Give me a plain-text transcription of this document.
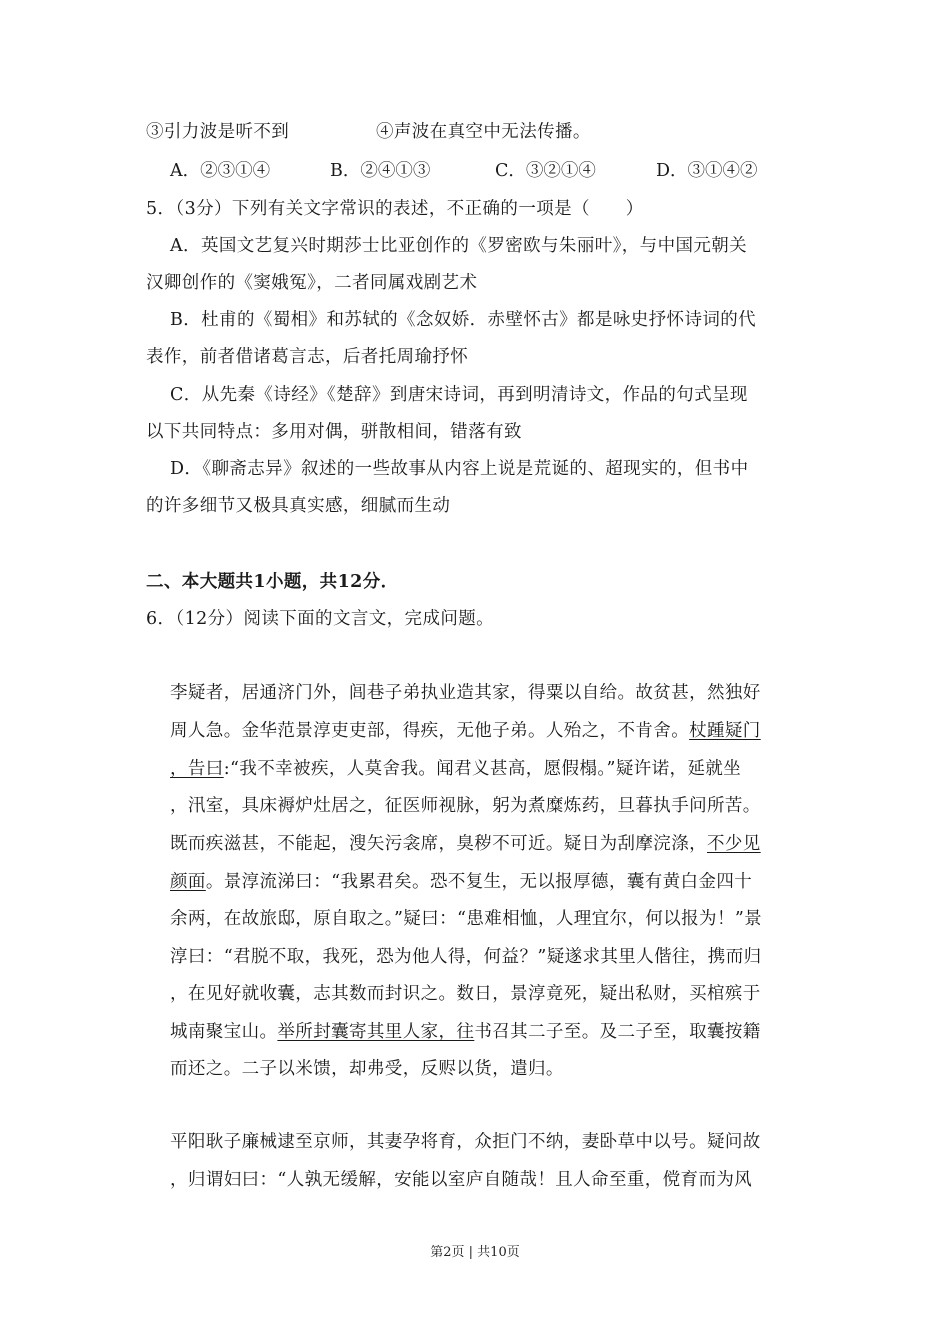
③引力波是听不到	④声波在真空中无法传播。
A．②③①④	B．②④①③	C．③②①④	D．③①④②
5．（3分）下列有关文字常识的表述，不正确的一项是（　　）
A．英国文艺复兴时期莎士比亚创作的《罗密欧与朱丽叶》，与中国元朝关
汉卿创作的《窦娥冤》，二者同属戏剧艺术
B．杜甫的《蜀相》和苏轼的《念奴娇．赤壁怀古》都是咏史抒怀诗词的代
表作，前者借诸葛言志，后者托周瑜抒怀
C．从先秦《诗经》《楚辞》到唐宋诗词，再到明清诗文，作品的句式呈现
以下共同特点：多用对偶，骈散相间，错落有致
D．《聊斋志异》叙述的一些故事从内容上说是荒诞的、超现实的，但书中
的许多细节又极具真实感，细腻而生动
二、本大题共1小题，共12分．
6．（12分）阅读下面的文言文，完成问题。
李疑者，居通济门外，闾巷子弟执业造其家，得粟以自给。故贫甚，然独好
周人急。金华范景淳吏吏部，得疾，无他子弟。人殆之，不肯舍。杖踵疑门
，告曰:“我不幸被疾，人莫舍我。闻君义甚高，愿假榻。”疑许诺，延就坐
，汛室，具床褥炉灶居之，征医师视脉，躬为煮糜炼药，旦暮执手问所苦。
既而疾滋甚，不能起，溲矢污衾席，臭秽不可近。疑日为刮摩浣涤，不少见
颜面。景淳流涕曰：“我累君矣。恐不复生，无以报厚德，囊有黄白金四十
余两，在故旅邸，原自取之。”疑曰：“患难相恤，人理宜尔，何以报为！”景
淳曰：“君脱不取，我死，恐为他人得，何益？”疑遂求其里人偕往，携而归
，在见好就收囊，志其数而封识之。数日，景淳竟死，疑出私财，买棺殡于
城南聚宝山。举所封囊寄其里人家，往书召其二子至。及二子至，取囊按籍
而还之。二子以米馈，却弗受，反赆以货，遣归。
平阳耿子廉械逮至京师，其妻孕将育，众拒门不纳，妻卧草中以号。疑问故
，归谓妇曰：“人孰无缓解，安能以室庐自随哉！且人命至重，傥育而为风
第2页 | 共10页
